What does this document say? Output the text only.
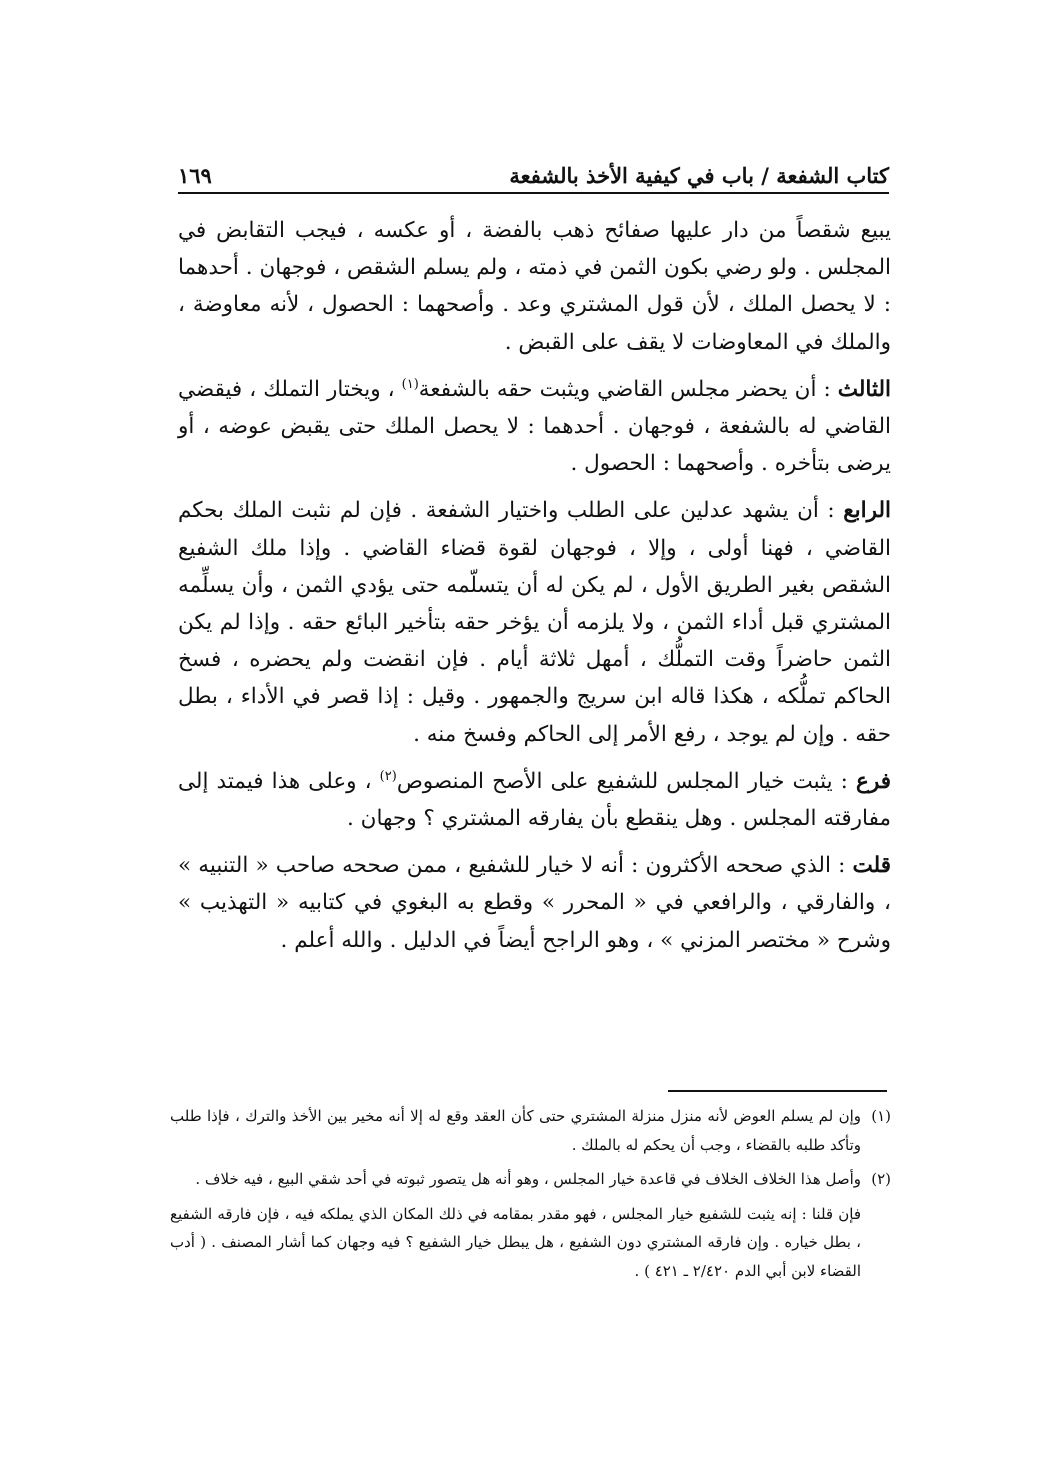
كتاب الشفعة / باب في كيفية الأخذ بالشفعة
١٦٩

يبيع شقصاً من دار عليها صفائح ذهب بالفضة ، أو عكسه ، فيجب التقابض في المجلس . ولو رضي بكون الثمن في ذمته ، ولم يسلم الشقص ، فوجهان . أحدهما : لا يحصل الملك ، لأن قول المشتري وعد . وأصحهما : الحصول ، لأنه معاوضة ، والملك في المعاوضات لا يقف على القبض .

الثالث : أن يحضر مجلس القاضي ويثبت حقه بالشفعة$^{(١)}$ ، ويختار التملك ، فيقضي القاضي له بالشفعة ، فوجهان . أحدهما : لا يحصل الملك حتى يقبض عوضه ، أو يرضى بتأخره . وأصحهما : الحصول .

الرابع : أن يشهد عدلين على الطلب واختيار الشفعة . فإن لم نثبت الملك بحكم القاضي ، فهنا أولى ، وإلا ، فوجهان لقوة قضاء القاضي . وإذا ملك الشفيع الشقص بغير الطريق الأول ، لم يكن له أن يتسلّمه حتى يؤدي الثمن ، وأن يسلِّمه المشتري قبل أداء الثمن ، ولا يلزمه أن يؤخر حقه بتأخير البائع حقه . وإذا لم يكن الثمن حاضراً وقت التملُّك ، أمهل ثلاثة أيام . فإن انقضت ولم يحضره ، فسخ الحاكم تملُّكه ، هكذا قاله ابن سريج والجمهور . وقيل : إذا قصر في الأداء ، بطل حقه . وإن لم يوجد ، رفع الأمر إلى الحاكم وفسخ منه .

فرع : يثبت خيار المجلس للشفيع على الأصح المنصوص$^{(٢)}$ ، وعلى هذا فيمتد إلى مفارقته المجلس . وهل ينقطع بأن يفارقه المشتري ؟ وجهان .

قلت : الذي صححه الأكثرون : أنه لا خيار للشفيع ، ممن صححه صاحب « التنبيه » ، والفارقي ، والرافعي في « المحرر » وقطع به البغوي في كتابيه « التهذيب » وشرح « مختصر المزني » ، وهو الراجح أيضاً في الدليل . والله أعلم .

(١)
وإن لم يسلم العوض لأنه منزل منزلة المشتري حتى كأن العقد وقع له إلا أنه مخير بين الأخذ والترك ، فإذا طلب وتأكد طلبه بالقضاء ، وجب أن يحكم له بالملك .
(٢)
وأصل هذا الخلاف الخلاف في قاعدة خيار المجلس ، وهو أنه هل يتصور ثبوته في أحد شقي البيع ، فيه خلاف .

فإن قلنا : إنه يثبت للشفيع خيار المجلس ، فهو مقدر بمقامه في ذلك المكان الذي يملكه فيه ، فإن فارقه الشفيع ، بطل خياره . وإن فارقه المشتري دون الشفيع ، هل يبطل خيار الشفيع ؟ فيه وجهان كما أشار المصنف . ( أدب القضاء لابن أبي الدم ٢/٤٢٠ ـ ٤٢١ ) .
